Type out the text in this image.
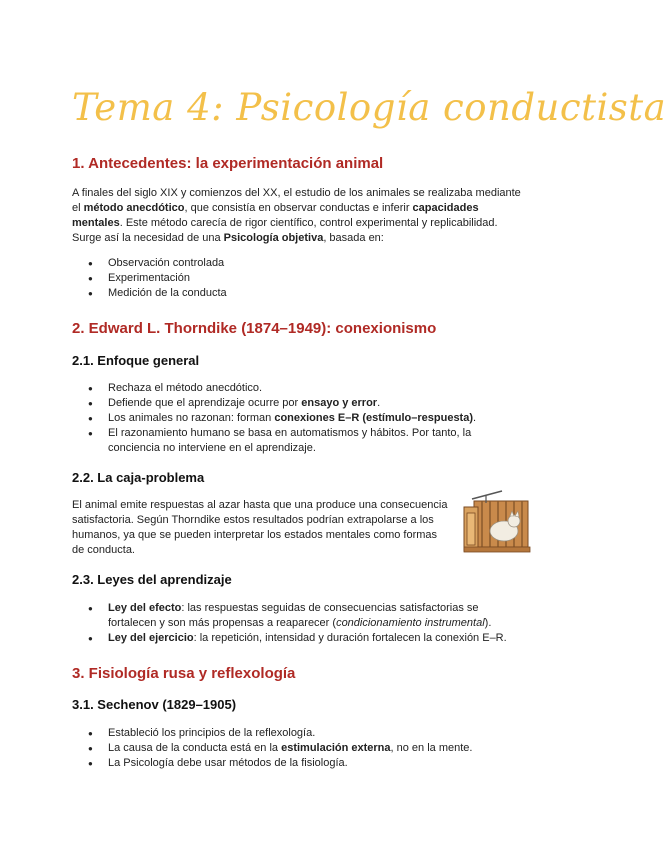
Tema 4: Psicología conductista
1. Antecedentes: la experimentación animal
A finales del siglo XIX y comienzos del XX, el estudio de los animales se realizaba mediante
el método anecdótico, que consistía en observar conductas e inferir capacidades
mentales. Este método carecía de rigor científico, control experimental y replicabilidad.
Surge así la necesidad de una Psicología objetiva, basada en:
● Observación controlada
● Experimentación
● Medición de la conducta
2. Edward L. Thorndike (1874–1949): conexionismo
2.1. Enfoque general
● Rechaza el método anecdótico.
● Defiende que el aprendizaje ocurre por ensayo y error.
● Los animales no razonan: forman conexiones E–R (estímulo–respuesta).
● El razonamiento humano se basa en automatismos y hábitos. Por tanto, la
conciencia no interviene en el aprendizaje.
2.2. La caja-problema
El animal emite respuestas al azar hasta que una produce una consecuencia
satisfactoria. Según Thorndike estos resultados podrían extrapolarse a los
humanos, ya que se pueden interpretar los estados mentales como formas
de conducta.
2.3. Leyes del aprendizaje
● Ley del efecto: las respuestas seguidas de consecuencias satisfactorias se
fortalecen y son más propensas a reaparecer (condicionamiento instrumental).
● Ley del ejercicio: la repetición, intensidad y duración fortalecen la conexión E–R.
3. Fisiología rusa y reflexología
3.1. Sechenov (1829–1905)
● Estableció los principios de la reflexología.
● La causa de la conducta está en la estimulación externa, no en la mente.
● La Psicología debe usar métodos de la fisiología.
